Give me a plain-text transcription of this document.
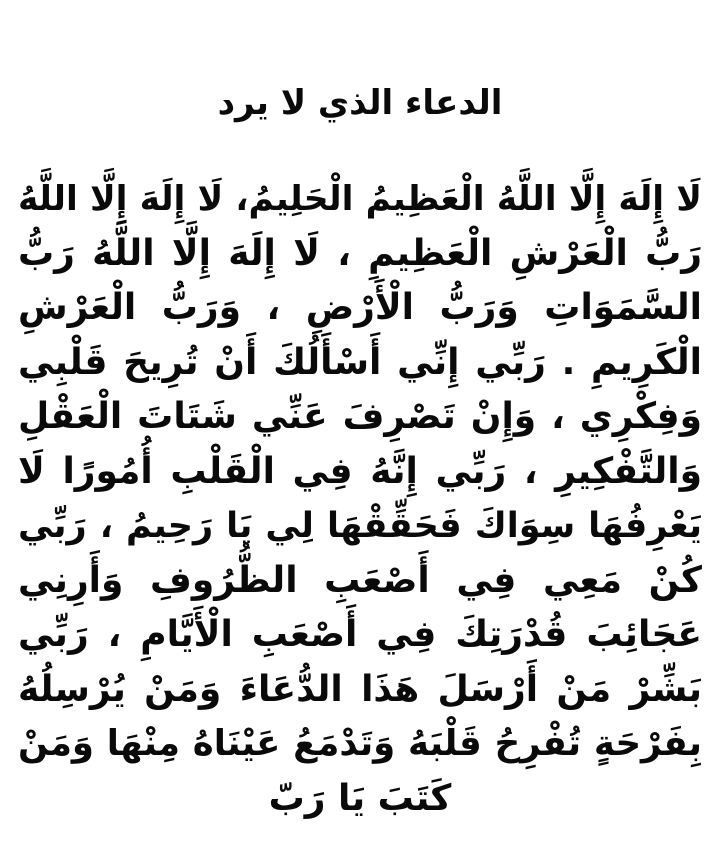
الدعاء الذي لا يرد
لَا إِلَهَ إِلَّا اللَّهُ الْعَظِيمُ الْحَلِيمُ، لَا إِلَهَ إِلَّا اللَّهُ
رَبُّ الْعَرْشِ الْعَظِيمِ ، لَا إِلَهَ إِلَّا اللَّهُ رَبُّ
السَّمَوَاتِ وَرَبُّ الْأَرْضِ ، وَرَبُّ الْعَرْشِ
الْكَرِيمِ . رَبِّي إِنِّي أَسْأَلُكَ أَنْ تُرِيحَ قَلْبِي
وَفِكْرِي ، وَإِنْ تَصْرِفَ عَنِّي شَتَاتَ الْعَقْلِ
وَالتَّفْكِيرِ ، رَبِّي إِنَّهُ فِي الْقَلْبِ أُمُورًا لَا
يَعْرِفُهَا سِوَاكَ فَحَقِّقْهَا لِي يَا رَحِيمُ ، رَبِّي
كُنْ مَعِي فِي أَصْعَبِ الظُّرُوفِ وَأَرِنِي
عَجَائِبَ قُدْرَتِكَ فِي أَصْعَبِ الْأَيَّامِ ، رَبِّي
بَشِّرْ مَنْ أَرْسَلَ هَذَا الدُّعَاءَ وَمَنْ يُرْسِلُهُ
بِفَرْحَةٍ تُفْرِحُ قَلْبَهُ وَتَدْمَعُ عَيْنَاهُ مِنْهَا وَمَنْ
كَتَبَ يَا رَبّ
